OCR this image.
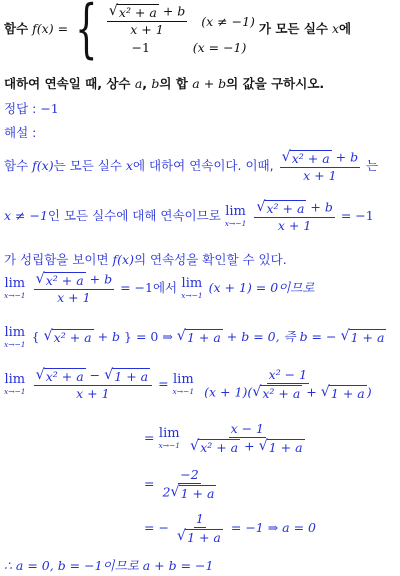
함수 f(x) = { $\frac{\text{√ x² + a + b}}{x + 1} (x \ne -1)$
−1	(x = −1)
가 모든 실수 x에
대하여 연속일 때, 상수 a, b의 합 a + b의 값을 구하시오.
정답 : −1
해설 :
함수 f(x)는 모든 실수 x에 대하여 연속이다. 이때, $\frac{\text{√ x² + a + b}}{x + 1}$ 는
x ≠ −1인 모든 실수에 대해 연속이므로 lim
x→−1
$\frac{\text{√ x² + a + b}}{x + 1} = -1$
가 성립함을 보이면 f(x)의 연속성을 확인할 수 있다.
lim
x→−1
$\frac{\text{√ x² + a + b}}{x + 1} = -1$에서 lim
x→−1
(x + 1) = 0이므로
lim
x→−1
{ √ x² + a + b } = 0 ⇒ √ 1 + a + b = 0, 즉 b = − √ 1 + a
lim
x→−1
$\frac{\text{√ x² + a − √ 1 + a}}{x + 1} = \lim$
x→−1
$\frac{\text{x² − 1}}{\text{(x + 1)( √ x² + a + √ 1 + a )}}$
= lim
x→−1
$\frac{x - 1}{\text{√ x² + a + √ 1 + a}}$
= $\frac{-2}{2 √ 1 + a}$
= − $\frac{1}{√ 1 + a} = -1$ ⇒ a = 0
∴ a = 0, b = −1이므로 a + b = −1
